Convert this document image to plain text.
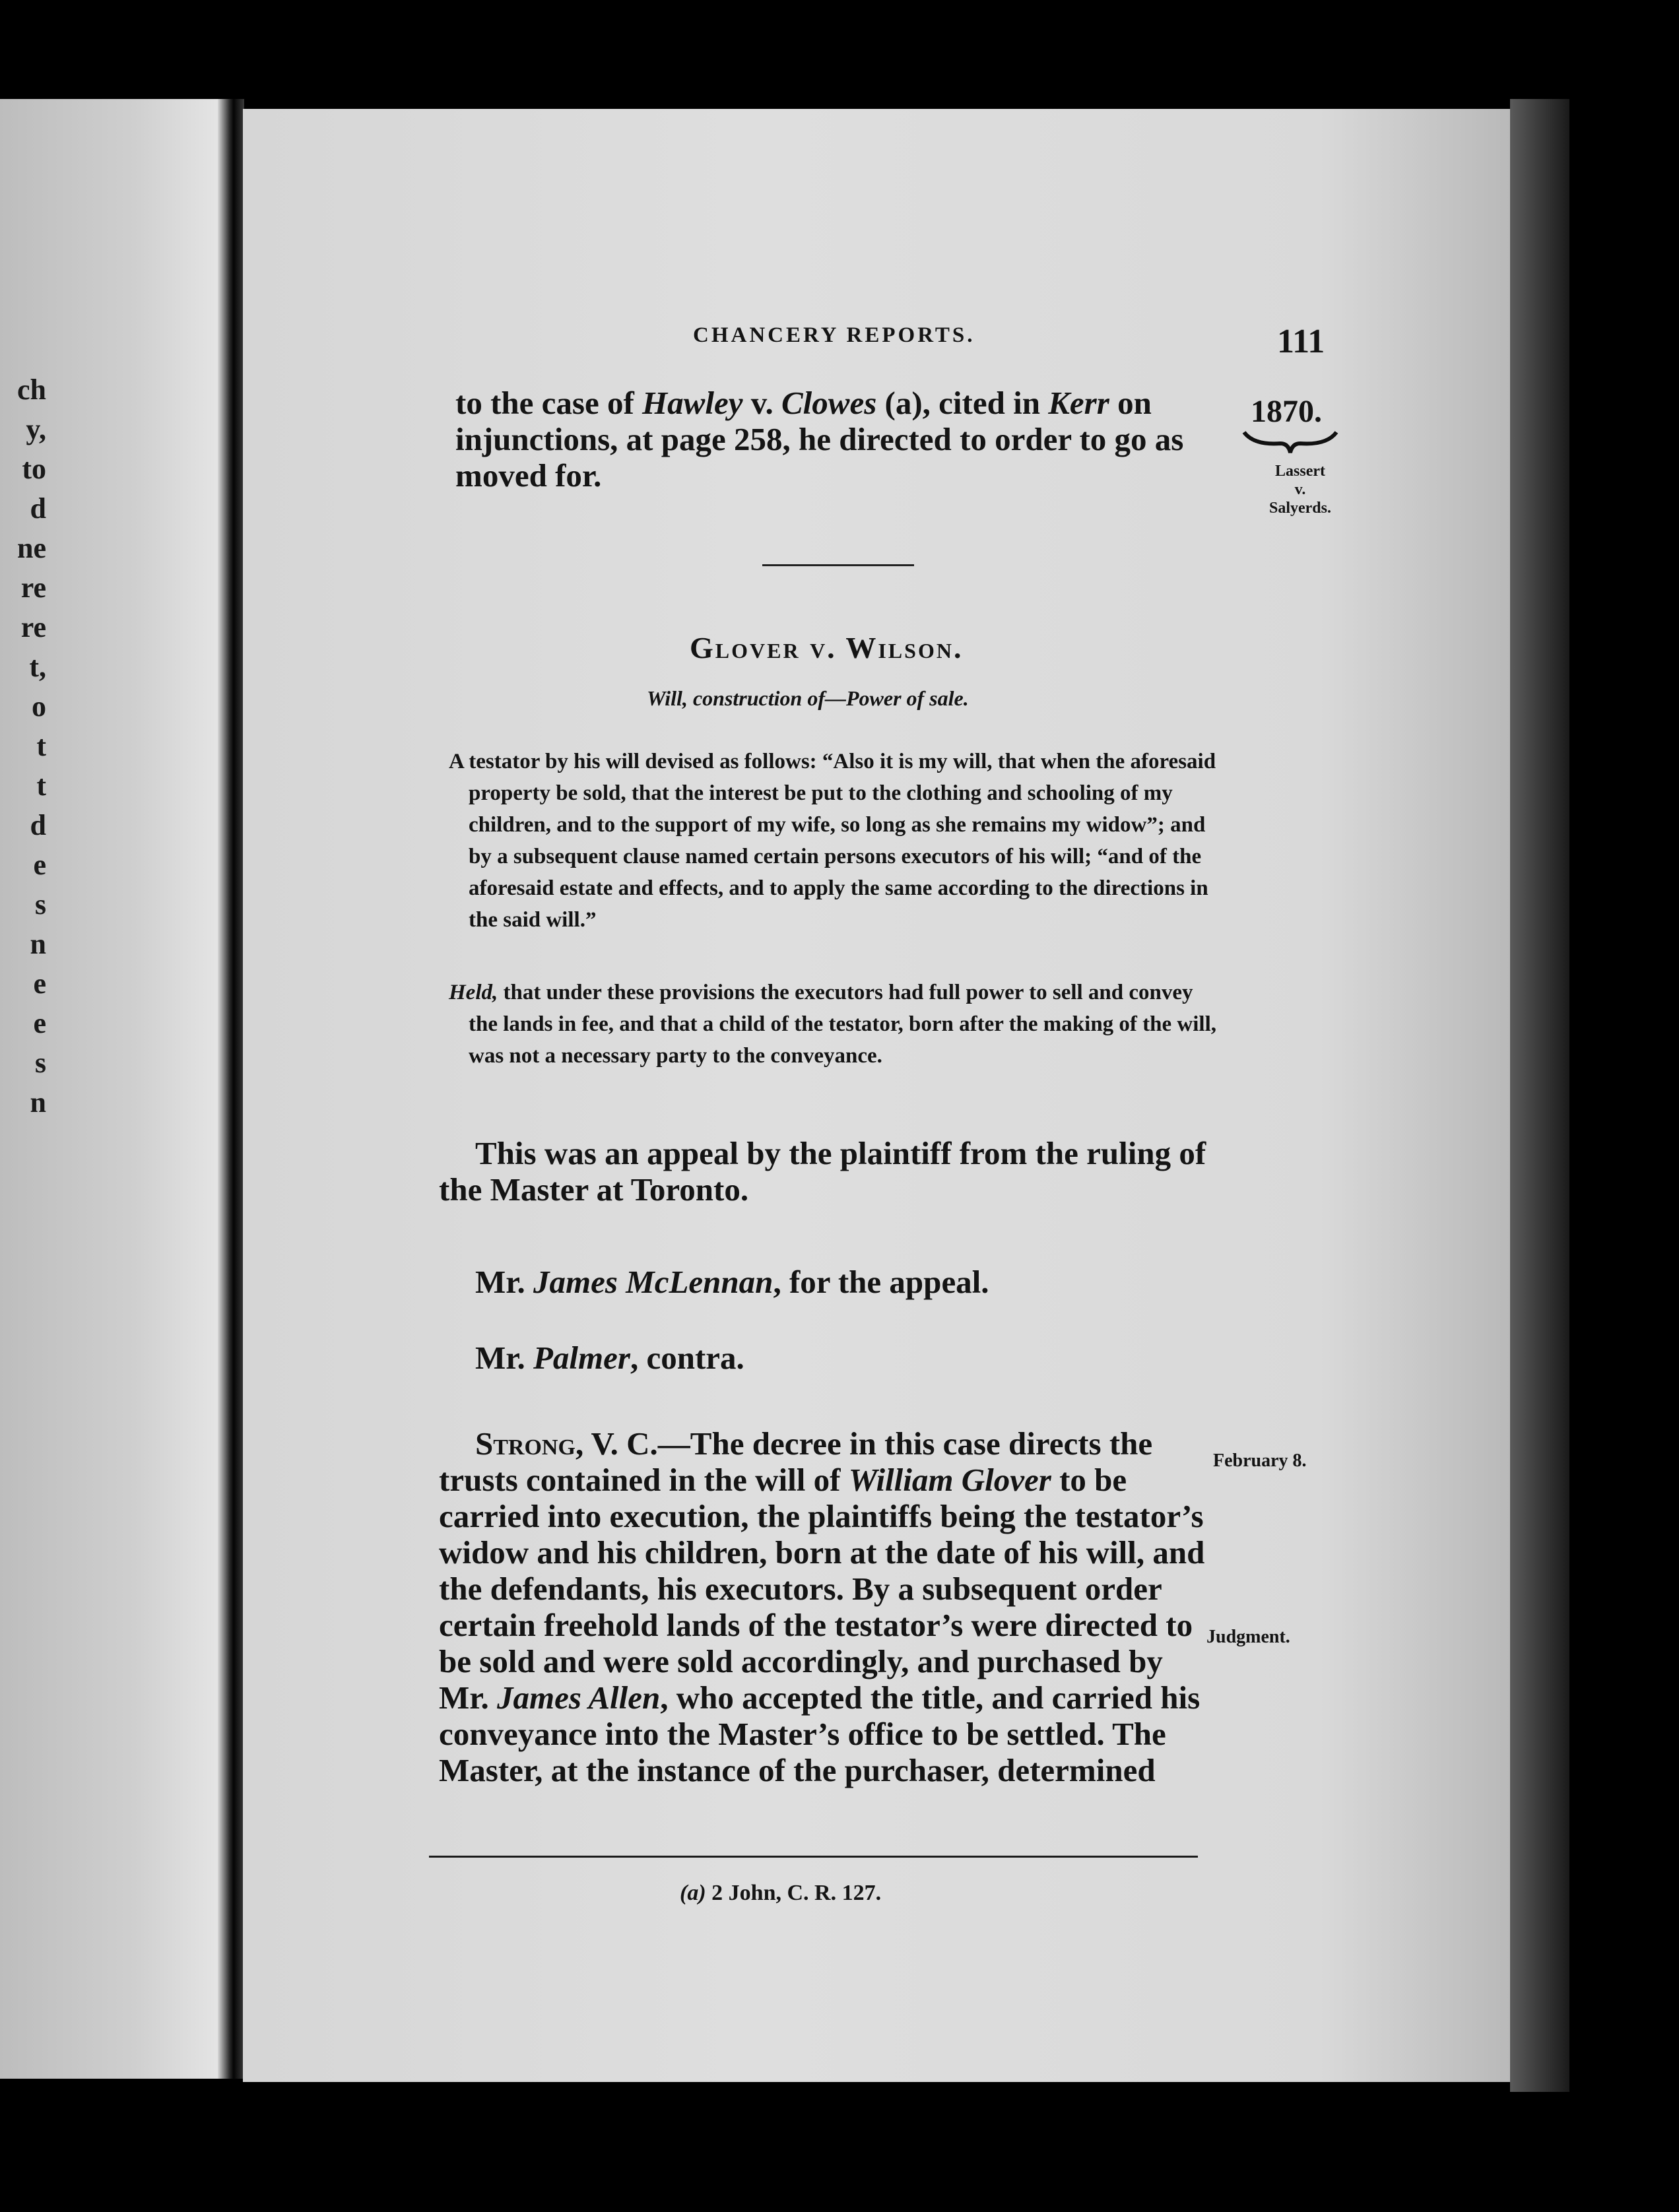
ch
y,
to
d
ne
re
re
t,
o
t
t
d
e
s
n
e
e
s
n
CHANCERY REPORTS.	111
1870.
Lassert
v.
Salyerds.
February 8.
Judgment.
to the case of Hawley v. Clowes (a), cited in Kerr on injunctions, at page 258, he directed to order to go as moved for.
Glover v. Wilson.
Will, construction of—Power of sale.

A testator by his will devised as follows: “Also it is my will, that when the aforesaid property be sold, that the interest be put to the clothing and schooling of my children, and to the support of my wife, so long as she remains my widow”; and by a subsequent clause named certain persons executors of his will; “and of the aforesaid estate and effects, and to apply the same according to the directions in the said will.”

Held, that under these provisions the executors had full power to sell and convey the lands in fee, and that a child of the testator, born after the making of the will, was not a necessary party to the conveyance.

This was an appeal by the plaintiff from the ruling of the Master at Toronto.

Mr. James McLennan, for the appeal.

Mr. Palmer, contra.

Strong, V. C.—The decree in this case directs the trusts contained in the will of William Glover to be carried into execution, the plaintiffs being the testator’s widow and his children, born at the date of his will, and the defendants, his executors. By a subsequent order certain freehold lands of the testator’s were directed to be sold and were sold accordingly, and purchased by Mr. James Allen, who accepted the title, and carried his conveyance into the Master’s office to be settled. The Master, at the instance of the purchaser, determined

(a) 2 John, C. R. 127.
